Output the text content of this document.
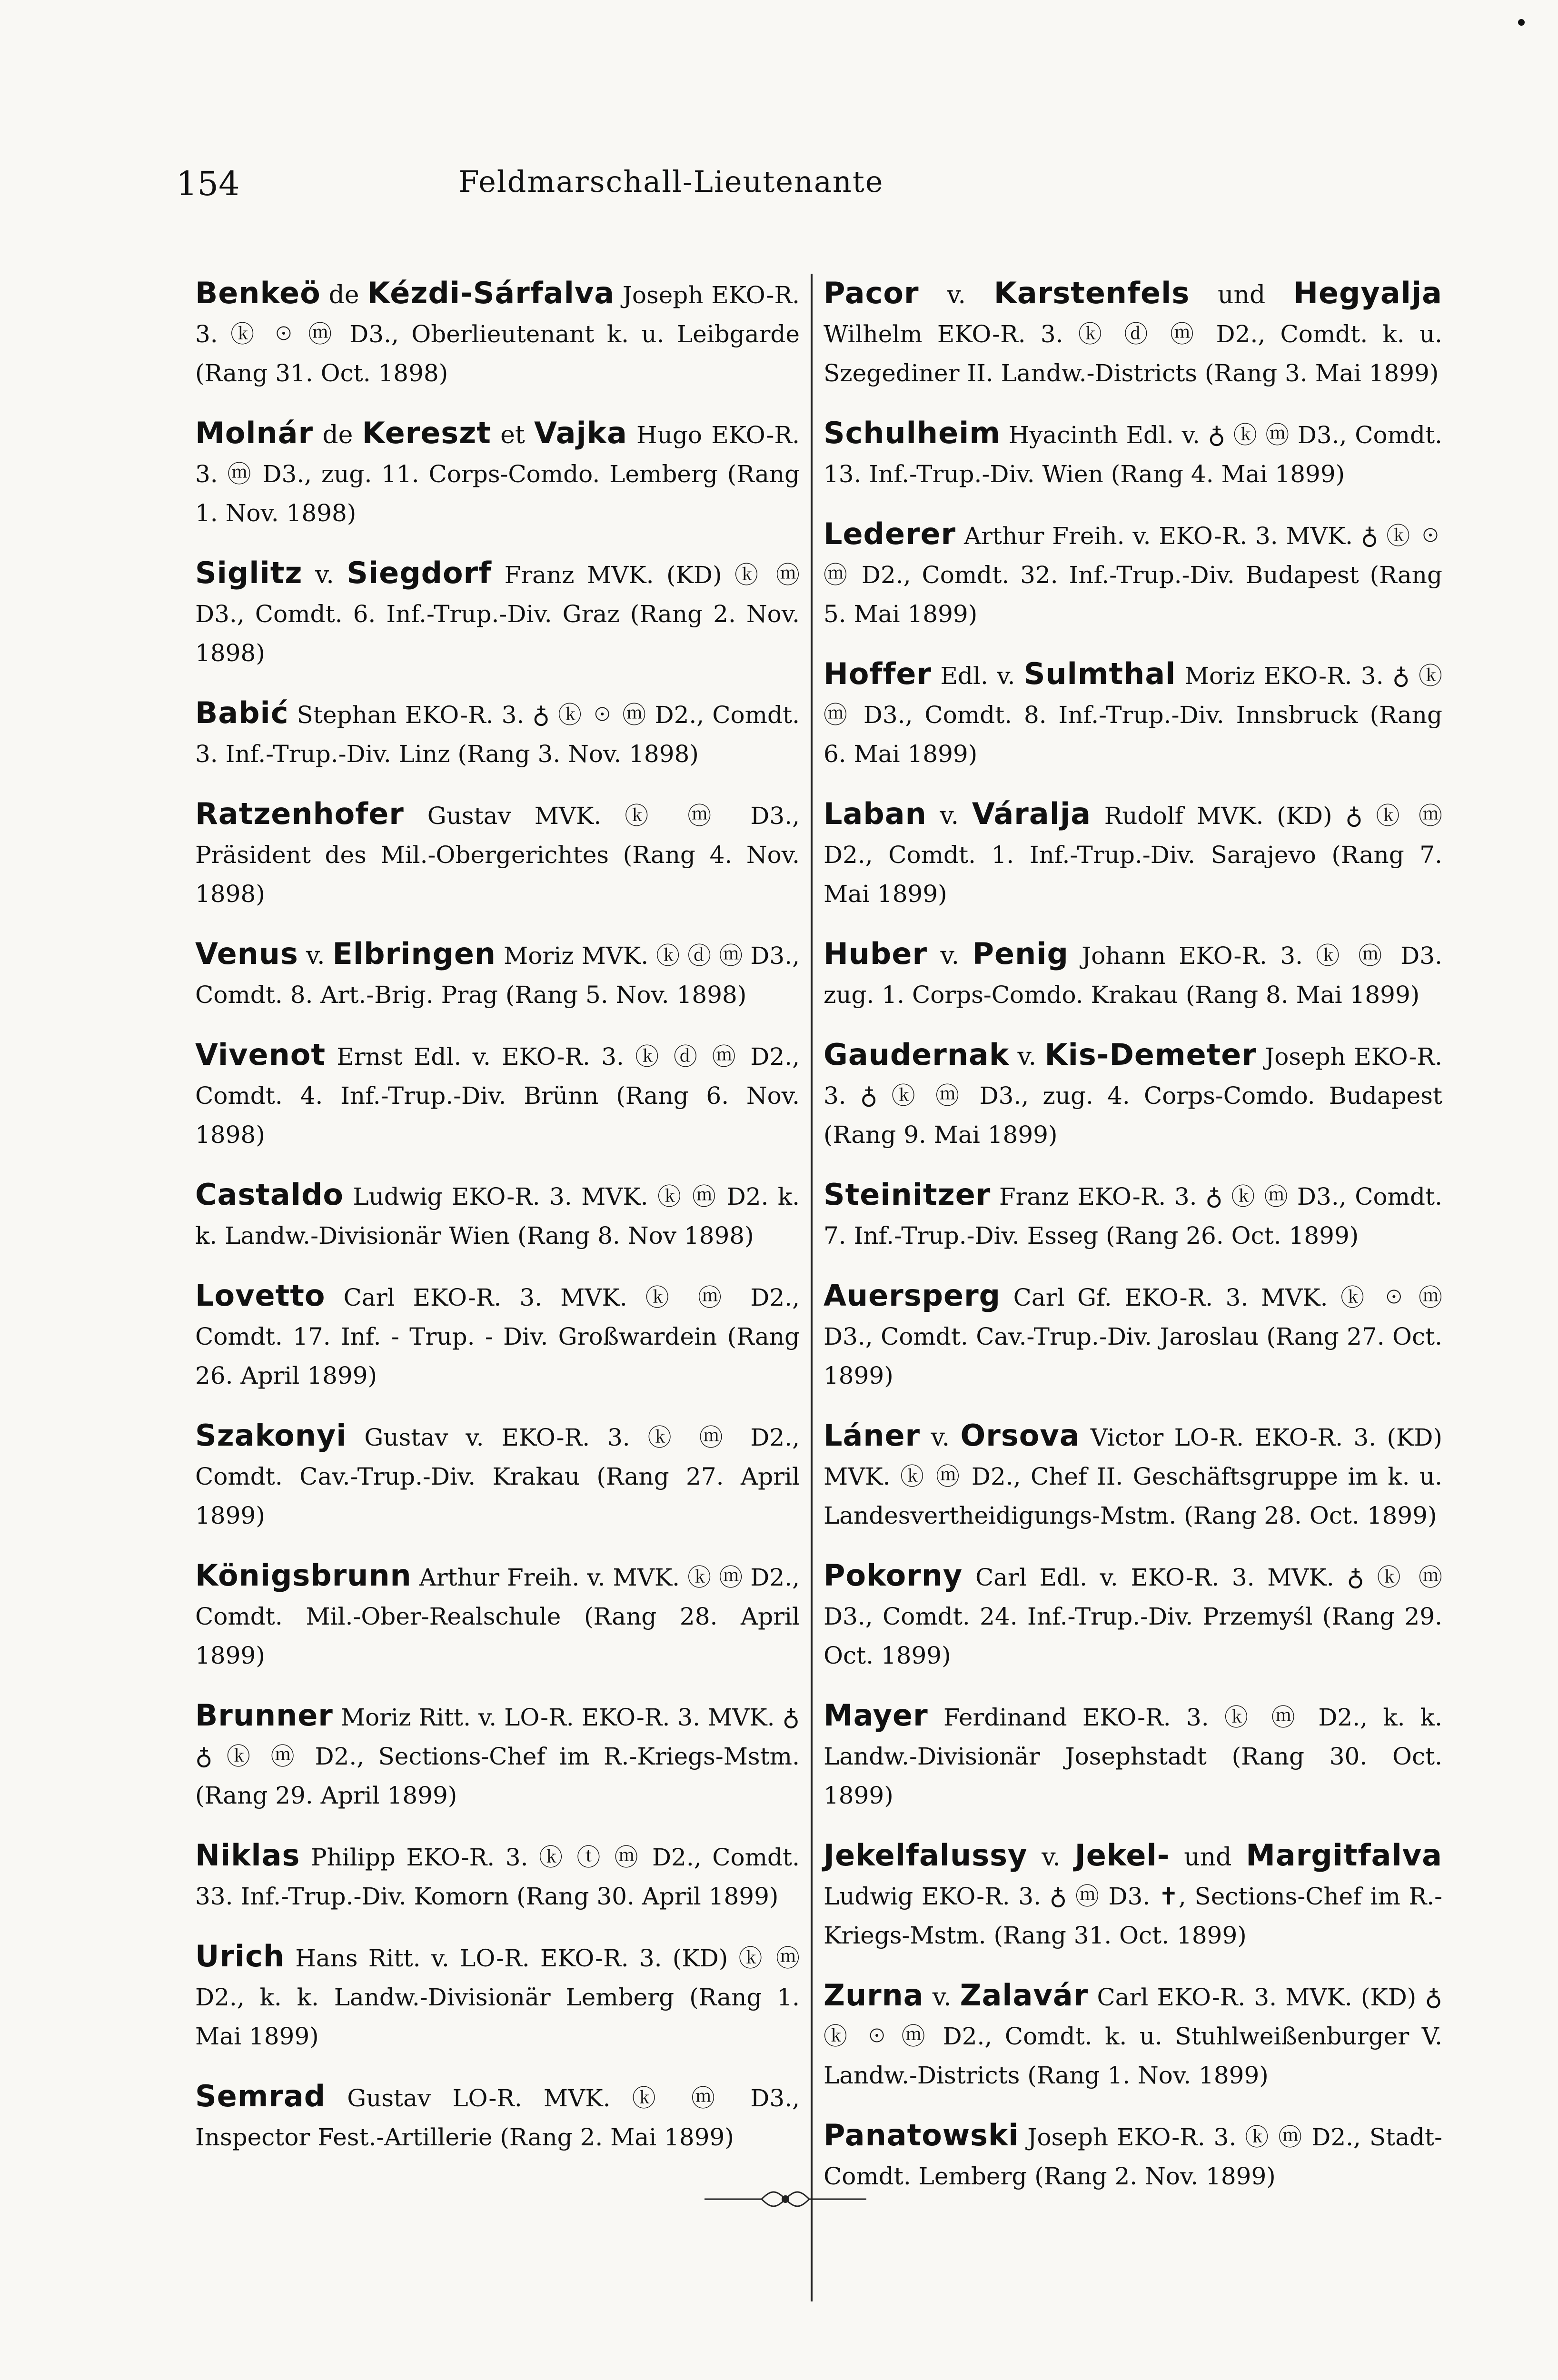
154	Feldmarschall-Lieutenante
Benkeö de Kézdi-Sárfalva Joseph EKO-R. 3. ⓚ ☉ ⓜ D3., Oberlieutenant k. u. Leibgarde (Rang 31. Oct. 1898)
Molnár de Kereszt et Vajka Hugo EKO-R. 3. ⓜ D3., zug. 11. Corps-Comdo. Lemberg (Rang 1. Nov. 1898)
Siglitz v. Siegdorf Franz MVK. (KD) ⓚ ⓜ D3., Comdt. 6. Inf.-Trup.-Div. Graz (Rang 2. Nov. 1898)
Babić Stephan EKO-R. 3. ♁ ⓚ ☉ ⓜ D2., Comdt. 3. Inf.-Trup.-Div. Linz (Rang 3. Nov. 1898)
Ratzenhofer Gustav MVK. ⓚ ⓜ D3., Präsident des Mil.-Obergerichtes (Rang 4. Nov. 1898)
Venus v. Elbringen Moriz MVK. ⓚ ⓓ ⓜ D3., Comdt. 8. Art.-Brig. Prag (Rang 5. Nov. 1898)
Vivenot Ernst Edl. v. EKO-R. 3. ⓚ ⓓ ⓜ D2., Comdt. 4. Inf.-Trup.-Div. Brünn (Rang 6. Nov. 1898)
Castaldo Ludwig EKO-R. 3. MVK. ⓚ ⓜ D2. k. k. Landw.-Divisionär Wien (Rang 8. Nov 1898)
Lovetto Carl EKO-R. 3. MVK. ⓚ ⓜ D2., Comdt. 17. Inf. - Trup. - Div. Großwardein (Rang 26. April 1899)
Szakonyi Gustav v. EKO-R. 3. ⓚ ⓜ D2., Comdt. Cav.-Trup.-Div. Krakau (Rang 27. April 1899)
Königsbrunn Arthur Freih. v. MVK. ⓚ ⓜ D2., Comdt. Mil.-Ober-Realschule (Rang 28. April 1899)
Brunner Moriz Ritt. v. LO-R. EKO-R. 3. MVK. ♁ ♁ ⓚ ⓜ D2., Sections-Chef im R.-Kriegs-Mstm. (Rang 29. April 1899)
Niklas Philipp EKO-R. 3. ⓚ ⓣ ⓜ D2., Comdt. 33. Inf.-Trup.-Div. Komorn (Rang 30. April 1899)
Urich Hans Ritt. v. LO-R. EKO-R. 3. (KD) ⓚ ⓜ D2., k. k. Landw.-Divisionär Lemberg (Rang 1. Mai 1899)
Semrad Gustav LO-R. MVK. ⓚ ⓜ D3., Inspector Fest.-Artillerie (Rang 2. Mai 1899)
Pacor v. Karstenfels und Hegyalja Wilhelm EKO-R. 3. ⓚ ⓓ ⓜ D2., Comdt. k. u. Szegediner II. Landw.-Districts (Rang 3. Mai 1899)
Schulheim Hyacinth Edl. v. ♁ ⓚ ⓜ D3., Comdt. 13. Inf.-Trup.-Div. Wien (Rang 4. Mai 1899)
Lederer Arthur Freih. v. EKO-R. 3. MVK. ♁ ⓚ ☉ ⓜ D2., Comdt. 32. Inf.-Trup.-Div. Budapest (Rang 5. Mai 1899)
Hoffer Edl. v. Sulmthal Moriz EKO-R. 3. ♁ ⓚ ⓜ D3., Comdt. 8. Inf.-Trup.-Div. Innsbruck (Rang 6. Mai 1899)
Laban v. Váralja Rudolf MVK. (KD) ♁ ⓚ ⓜ D2., Comdt. 1. Inf.-Trup.-Div. Sarajevo (Rang 7. Mai 1899)
Huber v. Penig Johann EKO-R. 3. ⓚ ⓜ D3. zug. 1. Corps-Comdo. Krakau (Rang 8. Mai 1899)
Gaudernak v. Kis-Demeter Joseph EKO-R. 3. ♁ ⓚ ⓜ D3., zug. 4. Corps-Comdo. Budapest (Rang 9. Mai 1899)
Steinitzer Franz EKO-R. 3. ♁ ⓚ ⓜ D3., Comdt. 7. Inf.-Trup.-Div. Esseg (Rang 26. Oct. 1899)
Auersperg Carl Gf. EKO-R. 3. MVK. ⓚ ☉ ⓜ D3., Comdt. Cav.-Trup.-Div. Jaroslau (Rang 27. Oct. 1899)
Láner v. Orsova Victor LO-R. EKO-R. 3. (KD) MVK. ⓚ ⓜ D2., Chef II. Geschäftsgruppe im k. u. Landesvertheidigungs-Mstm. (Rang 28. Oct. 1899)
Pokorny Carl Edl. v. EKO-R. 3. MVK. ♁ ⓚ ⓜ D3., Comdt. 24. Inf.-Trup.-Div. Przemyśl (Rang 29. Oct. 1899)
Mayer Ferdinand EKO-R. 3. ⓚ ⓜ D2., k. k. Landw.-Divisionär Josephstadt (Rang 30. Oct. 1899)
Jekelfalussy v. Jekel- und Margitfalva Ludwig EKO-R. 3. ♁ ⓜ D3. ✝, Sections-Chef im R.-Kriegs-Mstm. (Rang 31. Oct. 1899)
Zurna v. Zalavár Carl EKO-R. 3. MVK. (KD) ♁ ⓚ ☉ ⓜ D2., Comdt. k. u. Stuhlweißenburger V. Landw.-Districts (Rang 1. Nov. 1899)
Panatowski Joseph EKO-R. 3. ⓚ ⓜ D2., Stadt-Comdt. Lemberg (Rang 2. Nov. 1899)
